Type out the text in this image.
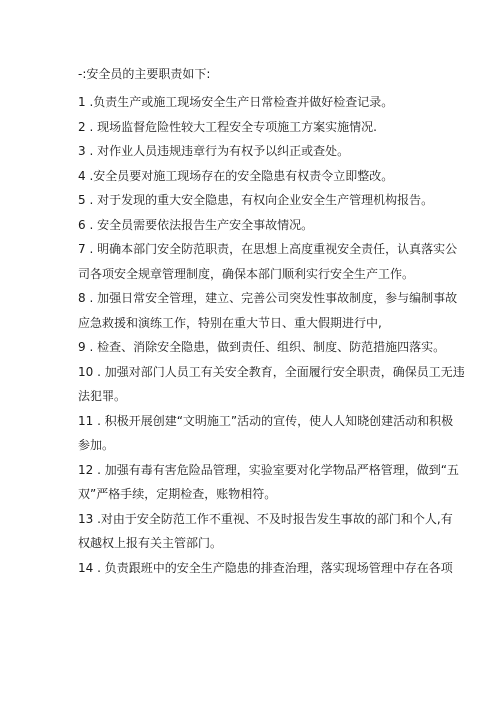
-:安全员的主要职责如下:
1 .负责生产或施工现场安全生产日常检查并做好检查记录。
2 . 现场监督危险性较大工程安全专项施工方案实施情况.
3 . 对作业人员违规违章行为有权予以纠正或查处。
4 .安全员要对施工现场存在的安全隐患有权责令立即整改。
5 . 对于发现的重大安全隐患，有权向企业安全生产管理机构报告。
6 . 安全员需要依法报告生产安全事故情况。
7 . 明确本部门安全防范职责，在思想上高度重视安全责任，认真落实公
司各项安全规章管理制度，确保本部门顺利实行安全生产工作。
8 . 加强日常安全管理，建立、完善公司突发性事故制度，参与编制事故
应急救援和演练工作，特别在重大节日、重大假期进行中,
9 . 检查、消除安全隐患，做到责任、组织、制度、防范措施四落实。
10 . 加强对部门人员工有关安全教育，全面履行安全职责，确保员工无违
法犯罪。
11 . 积极开展创建“文明施工”活动的宣传，使人人知晓创建活动和积极
参加。
12 . 加强有毒有害危险品管理，实验室要对化学物品严格管理，做到“五
双”严格手续，定期检查，账物相符。
13 .对由于安全防范工作不重视、不及时报告发生事故的部门和个人,有
权越权上报有关主管部门。
14 . 负责跟班中的安全生产隐患的排查治理，落实现场管理中存在各项
